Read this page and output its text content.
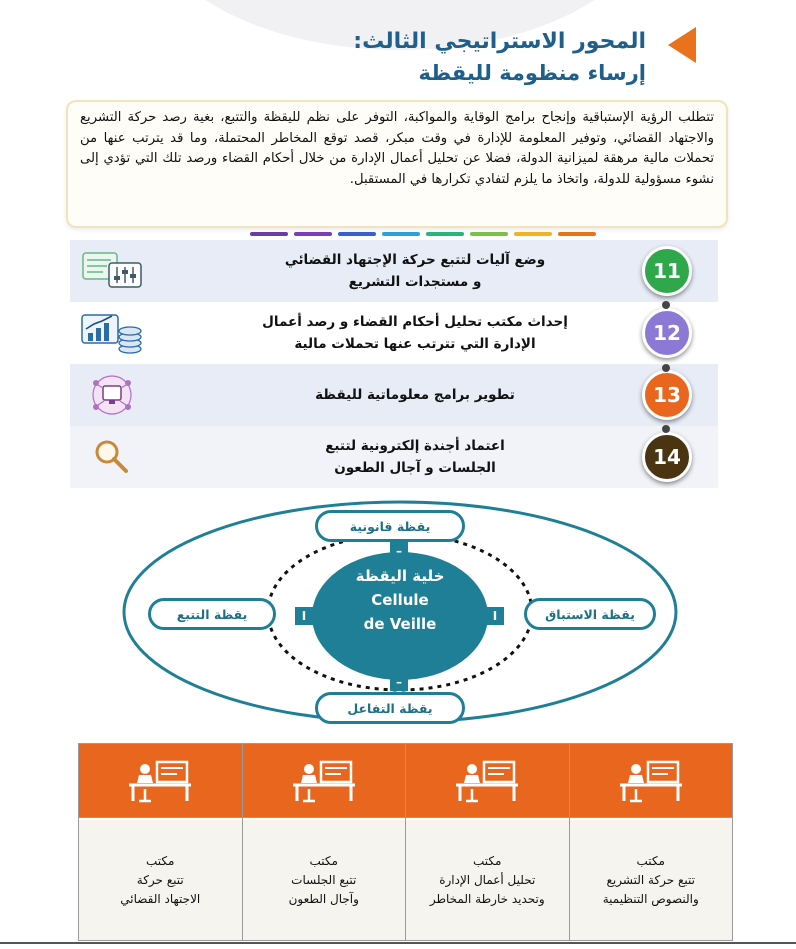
المحور الاستراتيجي الثالث:
إرساء منظومة لليقظة
تتطلب الرؤية الإستباقية وإنجاح برامج الوقاية والمواكبة، التوفر على نظم لليقظة والتتبع، بغية رصد حركة التشريع والاجتهاد القضائي، وتوفير المعلومة للإدارة في وقت مبكر، قصد توقع المخاطر المحتملة، وما قد يترتب عنها من تحملات مالية مرهقة لميزانية الدولة، فضلا عن تحليل أعمال الإدارة من خلال أحكام القضاء ورصد تلك التي تؤدي إلى نشوء مسؤولية للدولة، واتخاذ ما يلزم لتفادي تكرارها في المستقبل.
وضع آليات لتتبع حركة الإجتهاد القضائي
و مستجدات التشريع	11
إحداث مكتب تحليل أحكام القضاء و رصد أعمال
الإدارة التي تترتب عنها تحملات مالية	12
تطوير برامج معلوماتية لليقظة	13
اعتماد أجندة إلكترونية لتتبع
الجلسات و آجال الطعون	14
خلية اليقظة
Cellule
de Veille
يقظة قانونية
يقظة التفاعل
يقظة التتبع	يقظة الاستباق
–
–
I	I
مكتب
تتبع حركة
الاجتهاد القضائي
مكتب
تتبع الجلسات
وآجال الطعون
مكتب
تحليل أعمال الإدارة
وتحديد خارطة المخاطر
مكتب
تتبع حركة التشريع
والنصوص التنظيمية
